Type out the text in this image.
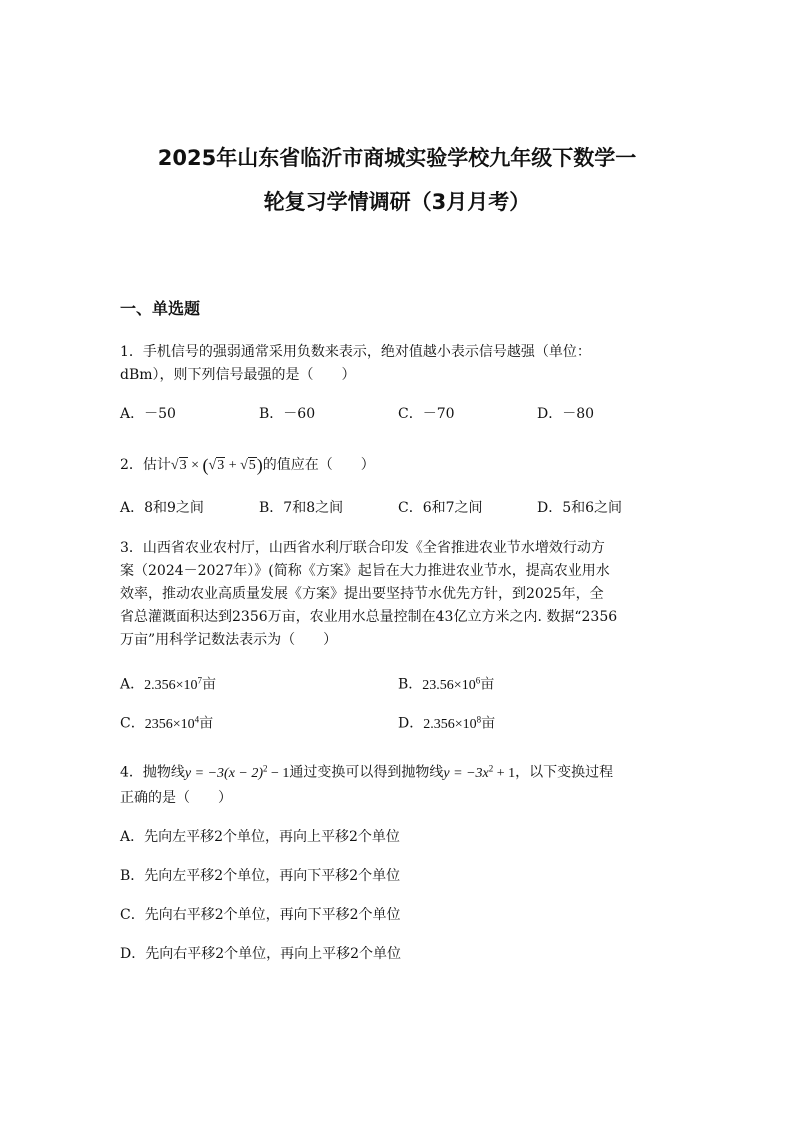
2025年山东省临沂市商城实验学校九年级下数学一
轮复习学情调研（3月月考）
一、单选题
1．手机信号的强弱通常采用负数来表示，绝对值越小表示信号越强（单位：
dBm），则下列信号最强的是（　　）
A．－50	B．－60	C．－70	D．－80
2．估计√3 × (√3 + √5)的值应在（　　）
A．8和9之间	B．7和8之间	C．6和7之间	D．5和6之间
3．山西省农业农村厅，山西省水利厅联合印发《全省推进农业节水增效行动方
案（2024－2027年）》(简称《方案》起旨在大力推进农业节水，提高农业用水
效率，推动农业高质量发展《方案》提出要坚持节水优先方针，到2025年，全
省总灌溉面积达到2356万亩，农业用水总量控制在43亿立方米之内. 数据“2356
万亩”用科学记数法表示为（　　）
A．$2.356\times 10^7$亩	B．$23.56\times 10^6$亩
C．$2356\times 10^4$亩	D．$2.356\times 10^8$亩
4．抛物线$y = -3(x - 2)^2 - 1$通过变换可以得到抛物线$y = -3x^2 + 1$，以下变换过程
正确的是（　　）
A．先向左平移2个单位，再向上平移2个单位
B．先向左平移2个单位，再向下平移2个单位
C．先向右平移2个单位，再向下平移2个单位
D．先向右平移2个单位，再向上平移2个单位
